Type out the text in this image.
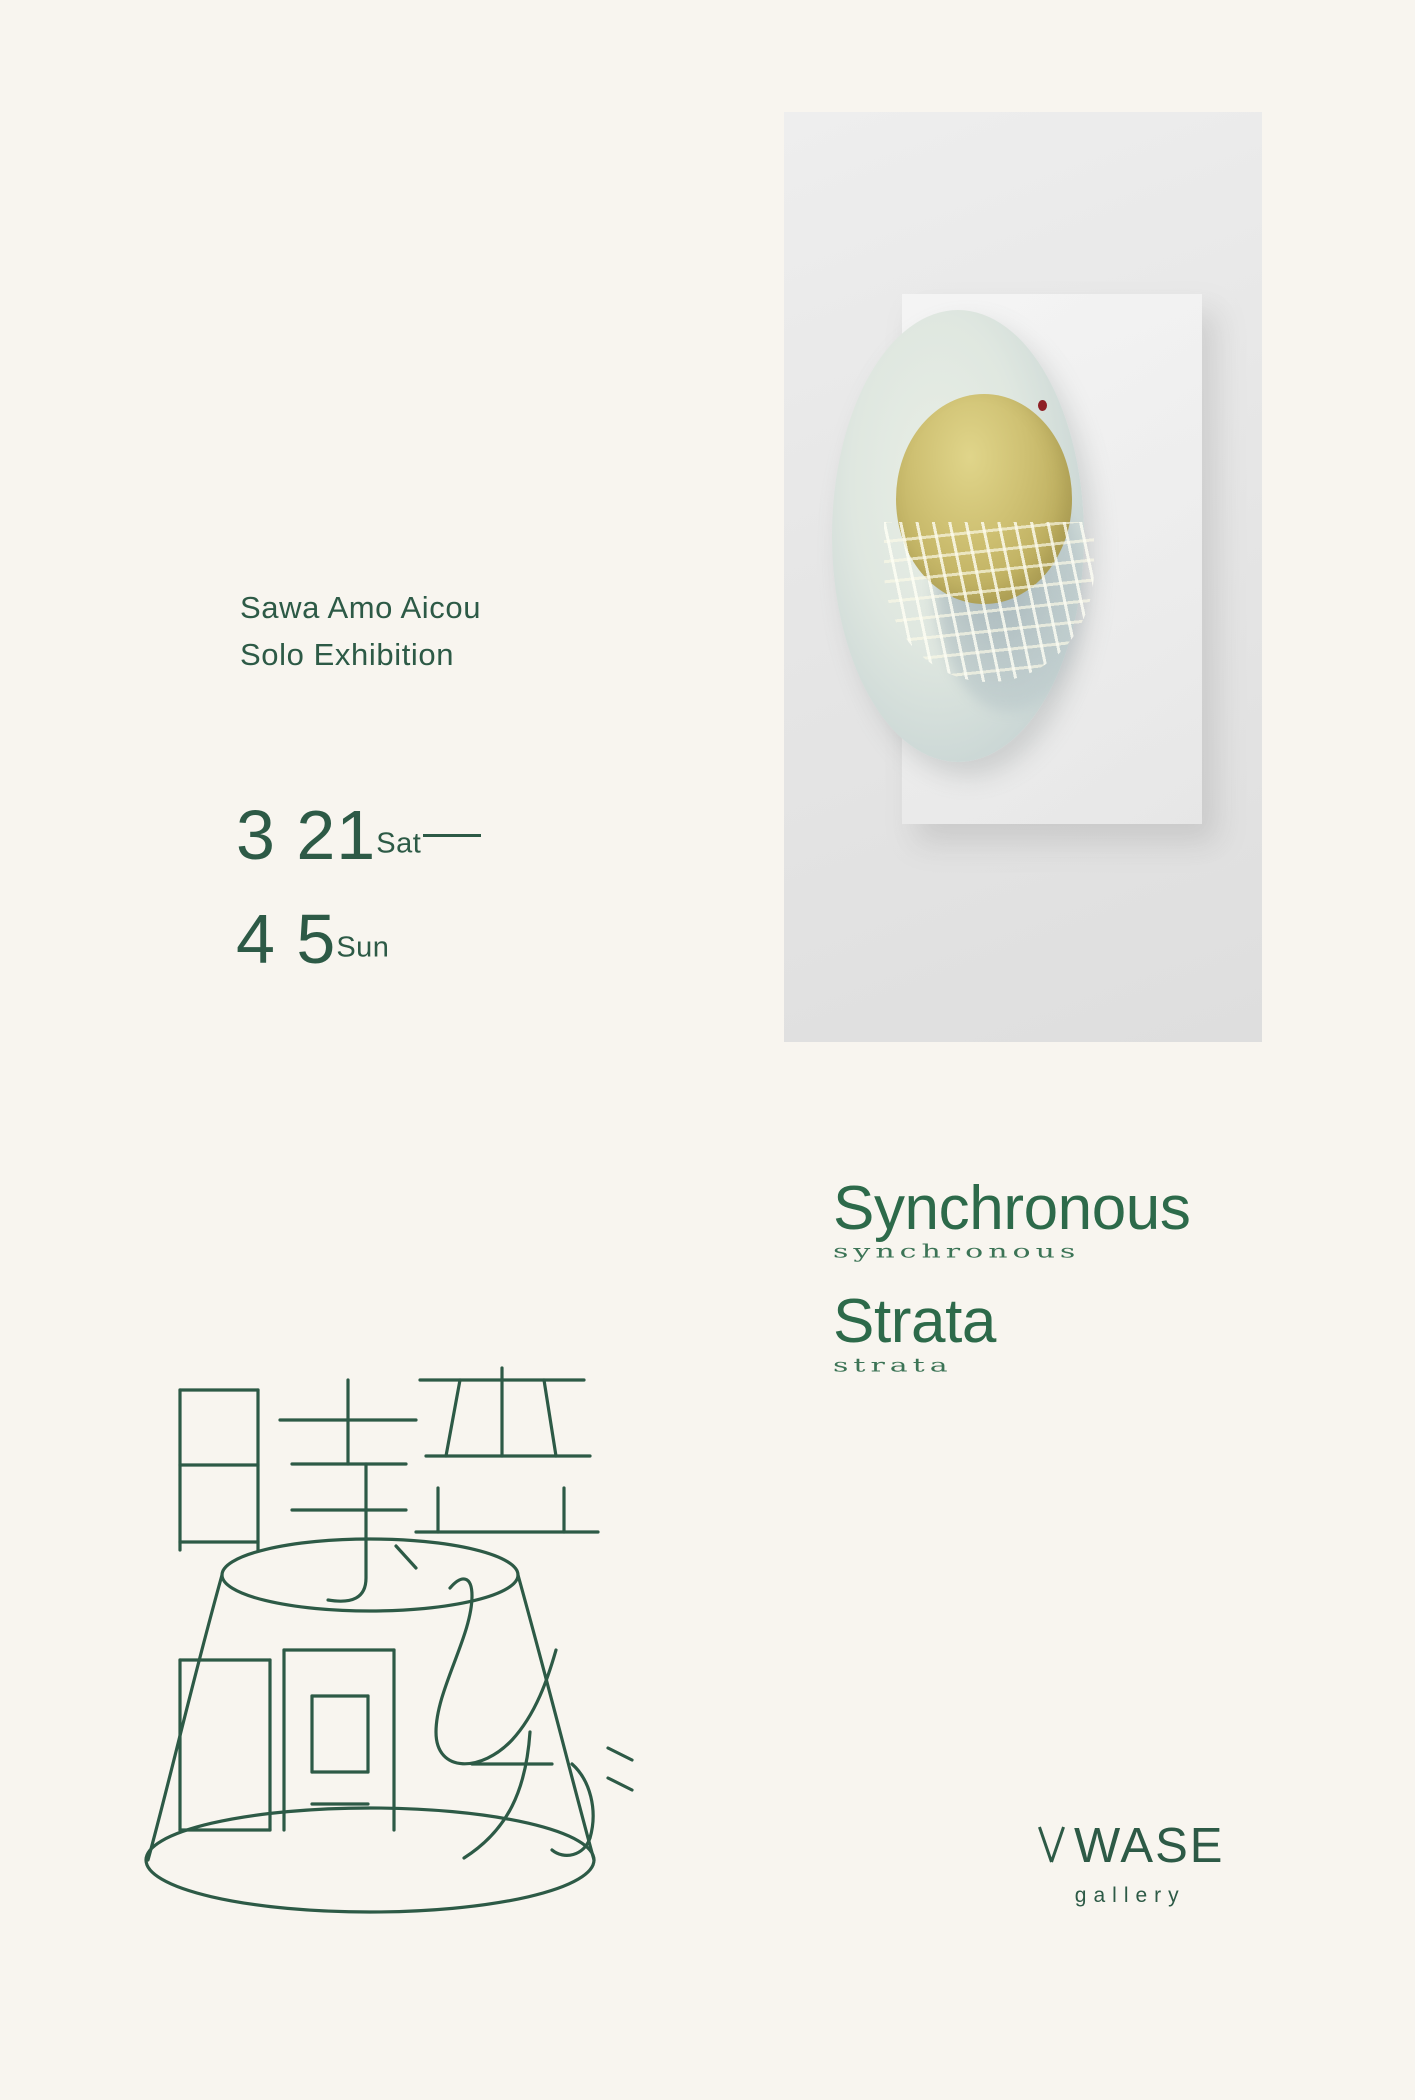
Sawa Amo Aicou
Solo Exhibition
3 21Sat
4 5Sun
Synchronous
synchronous
Strata
strata
WASE
gallery
